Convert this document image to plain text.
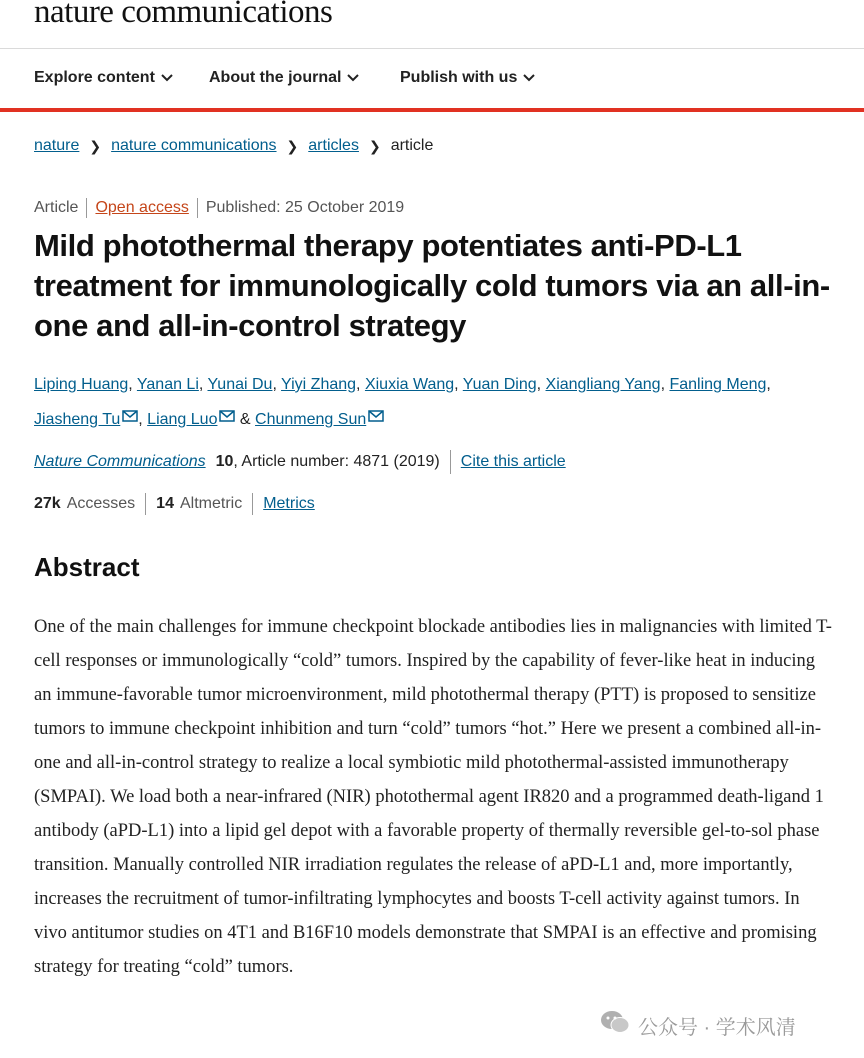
nature communications
Explore content	About the journal	Publish with us
nature ❯ nature communications ❯ articles ❯ article
Article Open access Published: 25 October 2019
Mild photothermal therapy potentiates anti-PD-L1 treatment for immunologically cold tumors via an all-in-one and all-in-control strategy
Liping Huang, Yanan Li, Yunai Du, Yiyi Zhang, Xiuxia Wang, Yuan Ding, Xiangliang Yang, Fanling Meng, Jiasheng Tu , Liang Luo & Chunmeng Sun
Nature Communications 10 , Article number: 4871 (2019) Cite this article
27k Accesses 14 Altmetric Metrics
Abstract

One of the main challenges for immune checkpoint blockade antibodies lies in malignancies with limited T-cell responses or immunologically “cold” tumors. Inspired by the capability of fever-like heat in inducing an immune-favorable tumor microenvironment, mild photothermal therapy (PTT) is proposed to sensitize tumors to immune checkpoint inhibition and turn “cold” tumors “hot.” Here we present a combined all-in-one and all-in-control strategy to realize a local symbiotic mild photothermal-assisted immunotherapy (SMPAI). We load both a near-infrared (NIR) photothermal agent IR820 and a programmed death-ligand 1 antibody (aPD-L1) into a lipid gel depot with a favorable property of thermally reversible gel-to-sol phase transition. Manually controlled NIR irradiation regulates the release of aPD-L1 and, more importantly, increases the recruitment of tumor-infiltrating lymphocytes and boosts T-cell activity against tumors. In vivo antitumor studies on 4T1 and B16F10 models demonstrate that SMPAI is an effective and promising strategy for treating “cold” tumors.

公众号 · 学术风清
